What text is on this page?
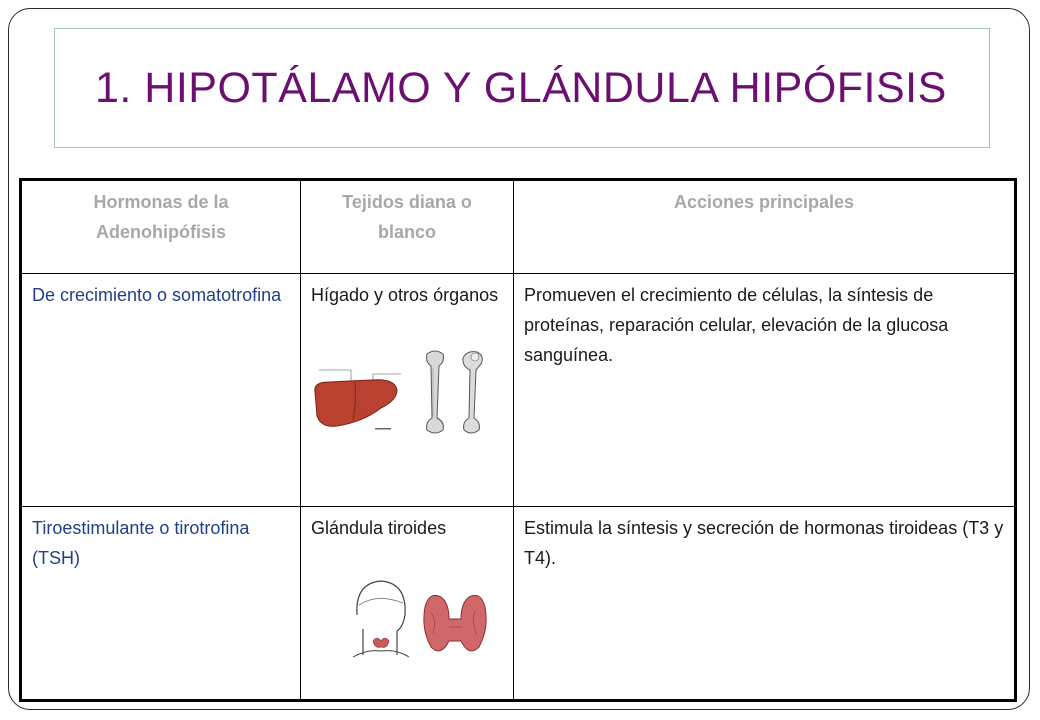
1. HIPOTÁLAMO Y GLÁNDULA HIPÓFISIS
Hormonas de la Adenohipófisis	Tejidos diana o blanco	Acciones principales
De crecimiento o somatotrofina	Hígado y otros órganos	Promueven el crecimiento de células, la síntesis de proteínas, reparación celular, elevación de la glucosa sanguínea.
Tiroestimulante o tirotrofina (TSH)	Glándula tiroides	Estimula la síntesis y secreción de hormonas tiroideas (T3 y T4).
